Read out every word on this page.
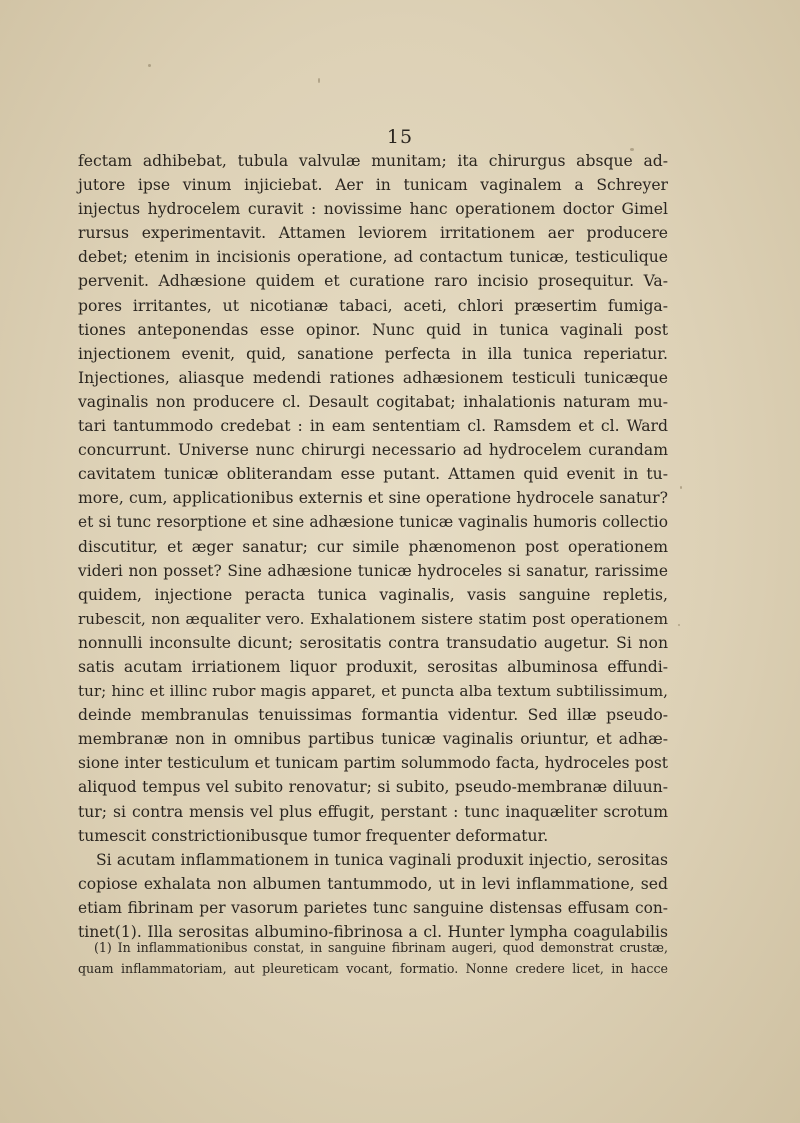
15
fectam adhibebat, tubula valvulæ munitam; ita chirurgus absque ad-
jutore ipse vinum injiciebat. Aer in tunicam vaginalem a Schreyer
injectus hydrocelem curavit : novissime hanc operationem doctor Gimel
rursus experimentavit. Attamen leviorem irritationem aer producere
debet; etenim in incisionis operatione, ad contactum tunicæ, testiculique
pervenit. Adhæsione quidem et curatione raro incisio prosequitur. Va-
pores irritantes, ut nicotianæ tabaci, aceti, chlori præsertim fumiga-
tiones anteponendas esse opinor. Nunc quid in tunica vaginali post
injectionem evenit, quid, sanatione perfecta in illa tunica reperiatur.
Injectiones, aliasque medendi rationes adhæsionem testiculi tunicæque
vaginalis non producere cl. Desault cogitabat; inhalationis naturam mu-
tari tantummodo credebat : in eam sententiam cl. Ramsdem et cl. Ward
concurrunt. Universe nunc chirurgi necessario ad hydrocelem curandam
cavitatem tunicæ obliterandam esse putant. Attamen quid evenit in tu-
more, cum, applicationibus externis et sine operatione hydrocele sanatur?
et si tunc resorptione et sine adhæsione tunicæ vaginalis humoris collectio
discutitur, et æger sanatur; cur simile phænomenon post operationem
videri non posset? Sine adhæsione tunicæ hydroceles si sanatur, rarissime
quidem, injectione peracta tunica vaginalis, vasis sanguine repletis,
rubescit, non æqualiter vero. Exhalationem sistere statim post operationem
nonnulli inconsulte dicunt; serositatis contra transudatio augetur. Si non
satis acutam irriationem liquor produxit, serositas albuminosa effundi-
tur; hinc et illinc rubor magis apparet, et puncta alba textum subtilissimum,
deinde membranulas tenuissimas formantia videntur. Sed illæ pseudo-
membranæ non in omnibus partibus tunicæ vaginalis oriuntur, et adhæ-
sione inter testiculum et tunicam partim solummodo facta, hydroceles post
aliquod tempus vel subito renovatur; si subito, pseudo-membranæ diluun-
tur; si contra mensis vel plus effugit, perstant : tunc inaquæliter scrotum
tumescit constrictionibusque tumor frequenter deformatur.
Si acutam inflammationem in tunica vaginali produxit injectio, serositas
copiose exhalata non albumen tantummodo, ut in levi inflammatione, sed
etiam fibrinam per vasorum parietes tunc sanguine distensas effusam con-
tinet(1). Illa serositas albumino-fibrinosa a cl. Hunter lympha coagulabilis
(1) In inflammationibus constat, in sanguine fibrinam augeri, quod demonstrat crustæ,
quam inflammatoriam, aut pleureticam vocant, formatio. Nonne credere licet, in hacce
